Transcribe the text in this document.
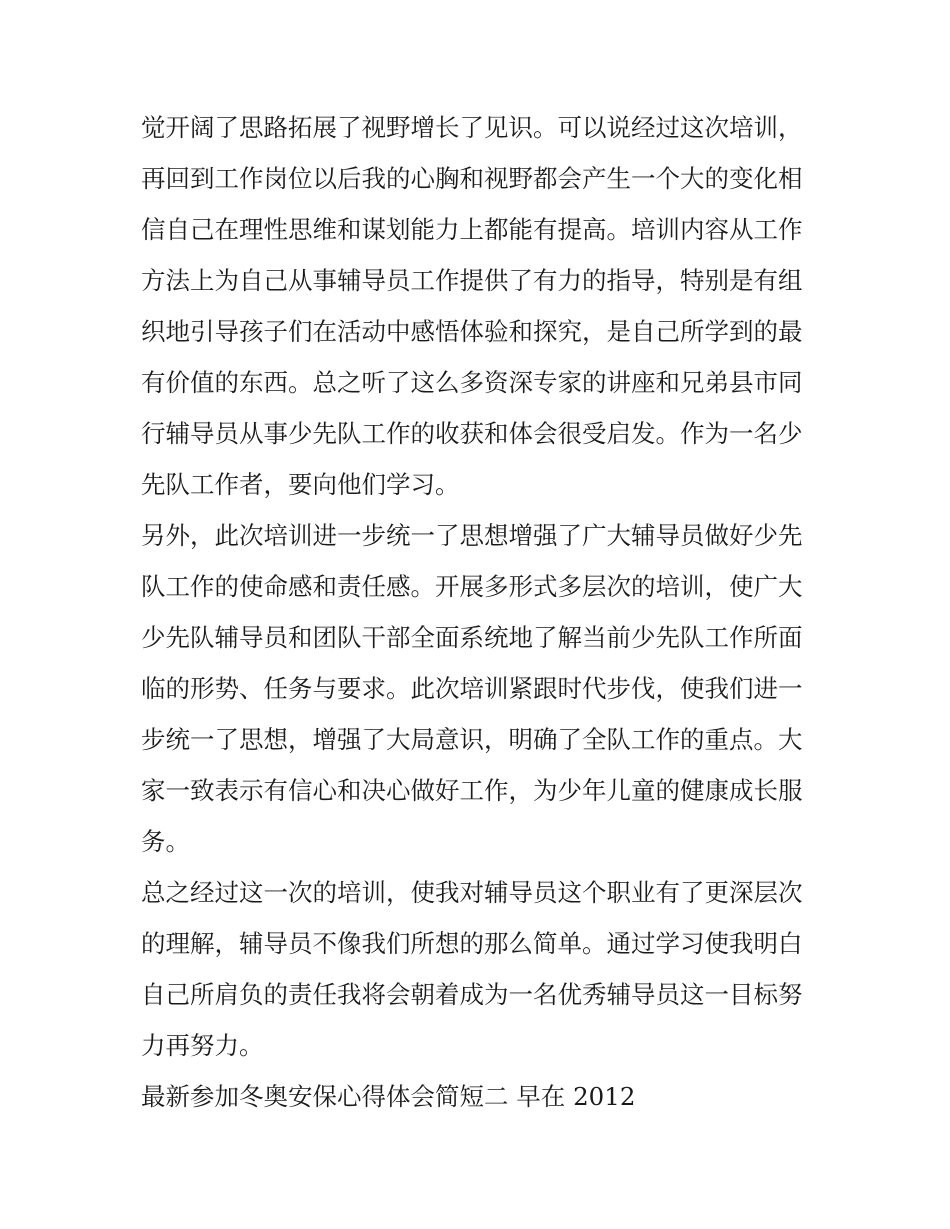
觉开阔了思路拓展了视野增长了见识。可以说经过这次培训，
再回到工作岗位以后我的心胸和视野都会产生一个大的变化相
信自己在理性思维和谋划能力上都能有提高。培训内容从工作
方法上为自己从事辅导员工作提供了有力的指导，特别是有组
织地引导孩子们在活动中感悟体验和探究，是自己所学到的最
有价值的东西。总之听了这么多资深专家的讲座和兄弟县市同
行辅导员从事少先队工作的收获和体会很受启发。作为一名少
先队工作者，要向他们学习。
另外，此次培训进一步统一了思想增强了广大辅导员做好少先
队工作的使命感和责任感。开展多形式多层次的培训，使广大
少先队辅导员和团队干部全面系统地了解当前少先队工作所面
临的形势、任务与要求。此次培训紧跟时代步伐，使我们进一
步统一了思想，增强了大局意识，明确了全队工作的重点。大
家一致表示有信心和决心做好工作，为少年儿童的健康成长服
务。
总之经过这一次的培训，使我对辅导员这个职业有了更深层次
的理解，辅导员不像我们所想的那么简单。通过学习使我明白
自己所肩负的责任我将会朝着成为一名优秀辅导员这一目标努
力再努力。
最新参加冬奥安保心得体会简短二 早在 2012
